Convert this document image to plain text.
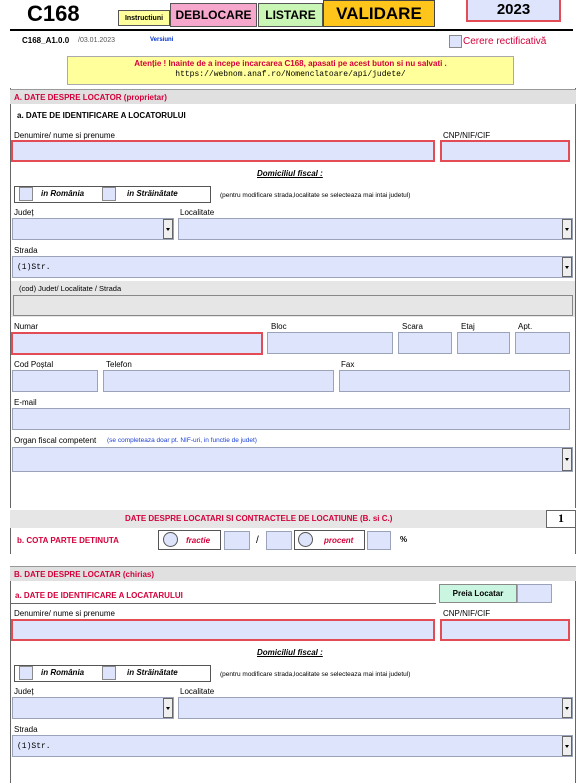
C168	Instructiuni	DEBLOCARE	LISTARE	VALIDARE	2023
C168_A1.0.0 /03.01.2023	Versiuni	Cerere rectificativă
Atenție ! Inainte de a incepe incarcarea C168, apasati pe acest buton si nu salvati .
https://webnom.anaf.ro/Nomenclatoare/api/judete/
A. DATE DESPRE LOCATOR (proprietar)
a. DATE DE IDENTIFICARE A LOCATORULUI
Denumire/ nume si prenume	CNP/NIF/CIF
Domiciliul fiscal :
in România	in Străinătate	(pentru modificare strada,localitate se selecteaza mai intai judetul)
Județ	Localitate
Strada
(1)Str.
(cod) Judet/ Localitate / Strada
Numar	Bloc	Scara	Etaj	Apt.
Cod Poștal	Telefon	Fax
E-mail
Organ fiscal competent (se completeaza doar pt. NIF-uri, in functie de judet)
DATE DESPRE LOCATARI SI CONTRACTELE DE LOCATIUNE (B. si C.)	1
b. COTA PARTE DETINUTA	fractie	/	procent	%
B. DATE DESPRE LOCATAR (chirias)
a. DATE DE IDENTIFICARE A LOCATARULUI	Preia Locatar
Denumire/ nume si prenume	CNP/NIF/CIF
Domiciliul fiscal :
in România	in Străinătate	(pentru modificare strada,localitate se selecteaza mai intai judetul)
Județ	Localitate
Strada
(1)Str.
